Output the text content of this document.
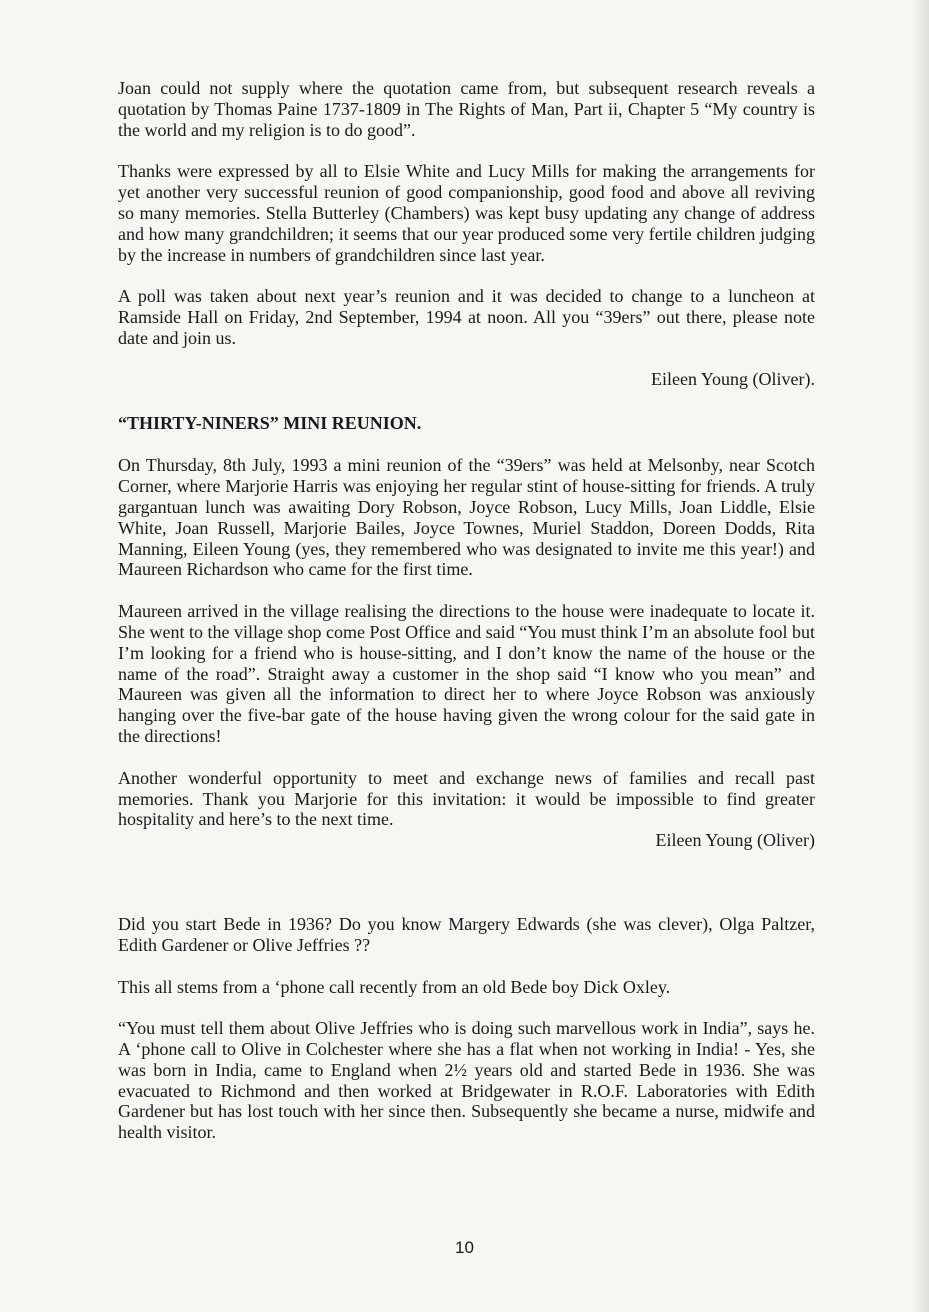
Joan could not supply where the quotation came from, but subsequent research reveals a quotation by Thomas Paine 1737-1809 in The Rights of Man, Part ii, Chapter 5 “My country is the world and my religion is to do good”.

Thanks were expressed by all to Elsie White and Lucy Mills for making the arrangements for yet another very successful reunion of good companionship, good food and above all reviving so many memories. Stella Butterley (Chambers) was kept busy updating any change of address and how many grandchildren; it seems that our year produced some very fertile children judging by the increase in numbers of grandchildren since last year.

A poll was taken about next year’s reunion and it was decided to change to a luncheon at Ramside Hall on Friday, 2nd September, 1994 at noon. All you “39ers” out there, please note date and join us.

Eileen Young (Oliver).
“THIRTY-NINERS” MINI REUNION.

On Thursday, 8th July, 1993 a mini reunion of the “39ers” was held at Melsonby, near Scotch Corner, where Marjorie Harris was enjoying her regular stint of house-sitting for friends. A truly gargantuan lunch was awaiting Dory Robson, Joyce Robson, Lucy Mills, Joan Liddle, Elsie White, Joan Russell, Marjorie Bailes, Joyce Townes, Muriel Staddon, Doreen Dodds, Rita Manning, Eileen Young (yes, they remembered who was designated to invite me this year!) and Maureen Richardson who came for the first time.

Maureen arrived in the village realising the directions to the house were inadequate to locate it. She went to the village shop come Post Office and said “You must think I’m an absolute fool but I’m looking for a friend who is house-sitting, and I don’t know the name of the house or the name of the road”. Straight away a customer in the shop said “I know who you mean” and Maureen was given all the information to direct her to where Joyce Robson was anxiously hanging over the five-bar gate of the house having given the wrong colour for the said gate in the directions!

Another wonderful opportunity to meet and exchange news of families and recall past memories. Thank you Marjorie for this invitation: it would be impossible to find greater hospitality and here’s to the next time.

Eileen Young (Oliver)

Did you start Bede in 1936? Do you know Margery Edwards (she was clever), Olga Paltzer, Edith Gardener or Olive Jeffries ??

This all stems from a ‘phone call recently from an old Bede boy Dick Oxley.

“You must tell them about Olive Jeffries who is doing such marvellous work in India”, says he. A ‘phone call to Olive in Colchester where she has a flat when not working in India! - Yes, she was born in India, came to England when 2½ years old and started Bede in 1936. She was evacuated to Richmond and then worked at Bridgewater in R.O.F. Laboratories with Edith Gardener but has lost touch with her since then. Subsequently she became a nurse, midwife and health visitor.

10
